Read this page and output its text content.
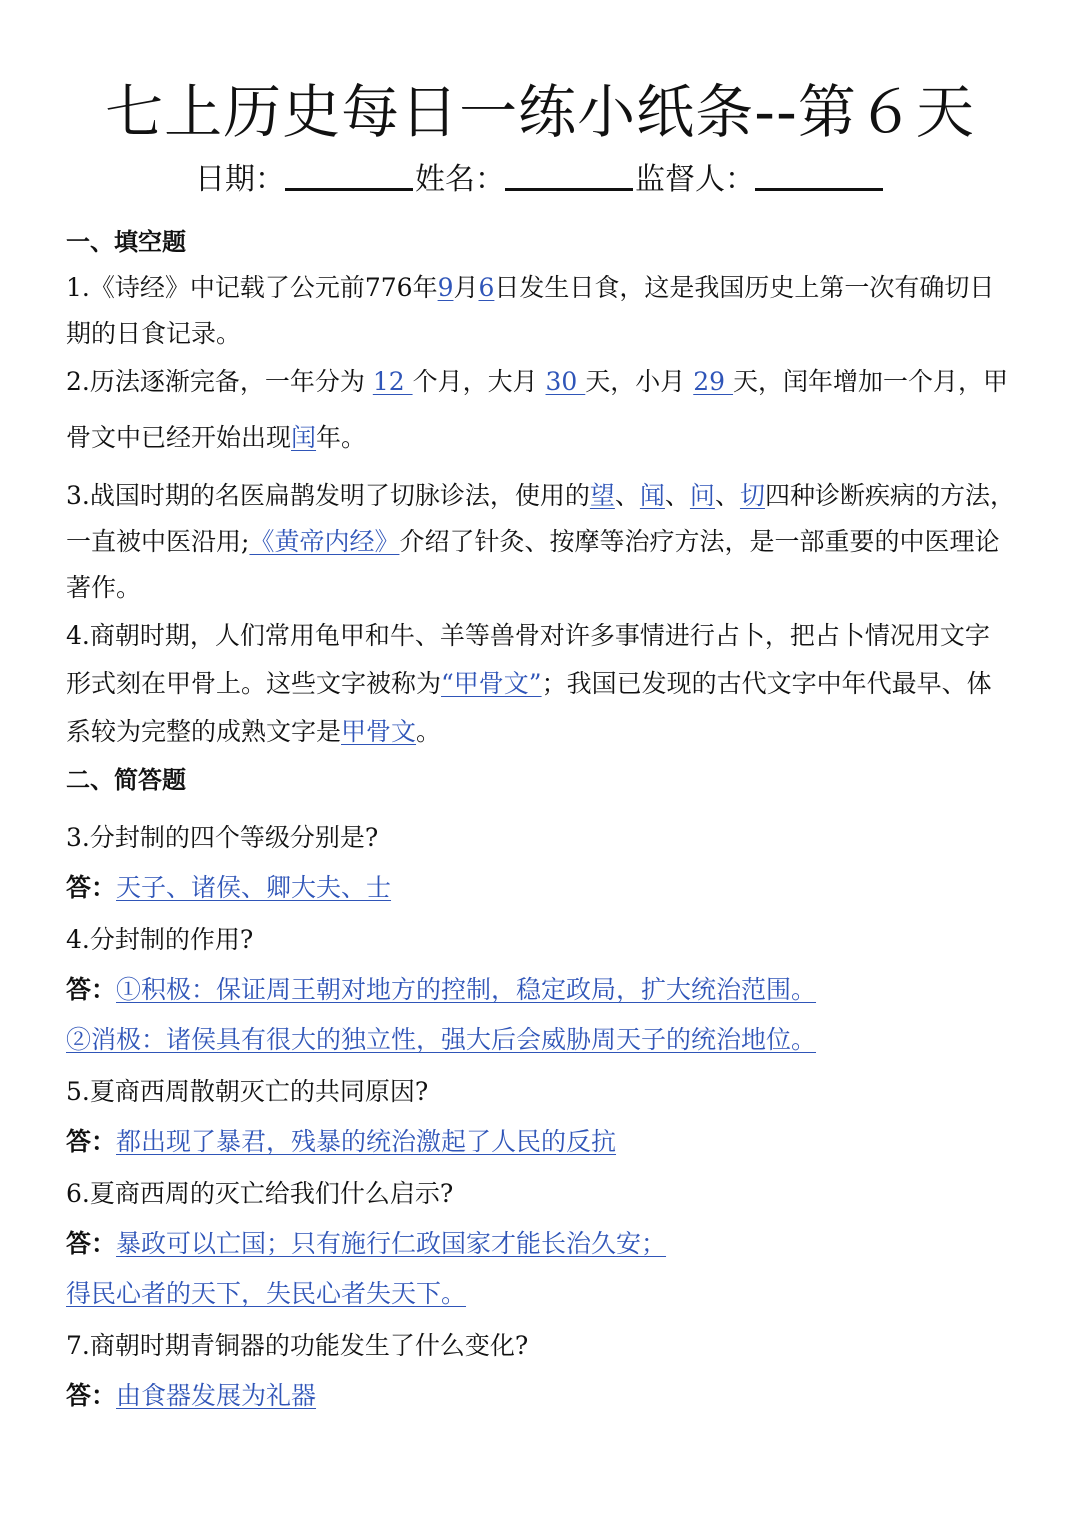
七上历史每日一练小纸条--第６天
日期：	姓名：	监督人：
一、填空题
1.《诗经》中记载了公元前776年9月6日发生日食，这是我国历史上第一次有确切日
期的日食记录。
2.历法逐渐完备，一年分为 12 个月，大月 30 天，小月 29 天，闰年增加一个月，甲
骨文中已经开始出现闰年。
3.战国时期的名医扁鹊发明了切脉诊法，使用的望、闻、问、切四种诊断疾病的方法，
一直被中医沿用;《黄帝内经》介绍了针灸、按摩等治疗方法，是一部重要的中医理论
著作。
4.商朝时期，人们常用龟甲和牛、羊等兽骨对许多事情进行占卜，把占卜情况用文字
形式刻在甲骨上。这些文字被称为“甲骨文”；我国已发现的古代文字中年代最早、体
系较为完整的成熟文字是甲骨文。
二、简答题
3.分封制的四个等级分别是?
答：天子、诸侯、卿大夫、士
4.分封制的作用?
答：①积极：保证周王朝对地方的控制，稳定政局，扩大统治范围。
②消极：诸侯具有很大的独立性，强大后会威胁周天子的统治地位。
5.夏商西周散朝灭亡的共同原因?
答：都出现了暴君，残暴的统治激起了人民的反抗
6.夏商西周的灭亡给我们什么启示?
答：暴政可以亡国；只有施行仁政国家才能长治久安；
得民心者的天下，失民心者失天下。
7.商朝时期青铜器的功能发生了什么变化?
答：由食器发展为礼器
